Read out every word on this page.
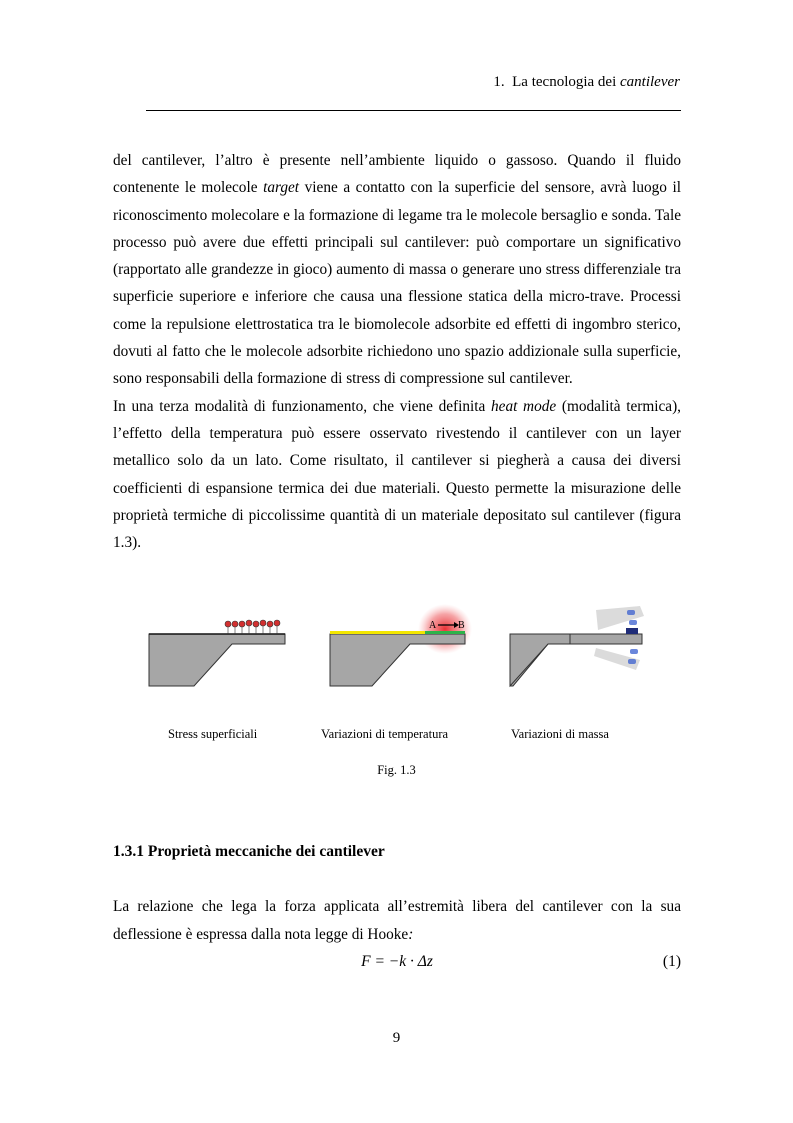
1. La tecnologia dei cantilever

del cantilever, l’altro è presente nell’ambiente liquido o gassoso. Quando il fluido contenente le molecole target viene a contatto con la superficie del sensore, avrà luogo il riconoscimento molecolare e la formazione di legame tra le molecole bersaglio e sonda. Tale processo può avere due effetti principali sul cantilever: può comportare un significativo (rapportato alle grandezze in gioco) aumento di massa o generare uno stress differenziale tra superficie superiore e inferiore che causa una flessione statica della micro-trave. Processi come la repulsione elettrostatica tra le biomolecole adsorbite ed effetti di ingombro sterico, dovuti al fatto che le molecole adsorbite richiedono uno spazio addizionale sulla superficie, sono responsabili della formazione di stress di compressione sul cantilever.

In una terza modalità di funzionamento, che viene definita heat mode (modalità termica), l’effetto della temperatura può essere osservato rivestendo il cantilever con un layer metallico solo da un lato. Come risultato, il cantilever si piegherà a causa dei diversi coefficienti di espansione termica dei due materiali. Questo permette la misurazione delle proprietà termiche di piccolissime quantità di un materiale depositato sul cantilever (figura 1.3).

A B
Stress superficiali	Variazioni di temperatura	Variazioni di massa
Fig. 1.3
1.3.1 Proprietà meccaniche dei cantilever

La relazione che lega la forza applicata all’estremità libera del cantilever con la sua deflessione è espressa dalla nota legge di Hooke:

F = −k · Δz	(1)
9
